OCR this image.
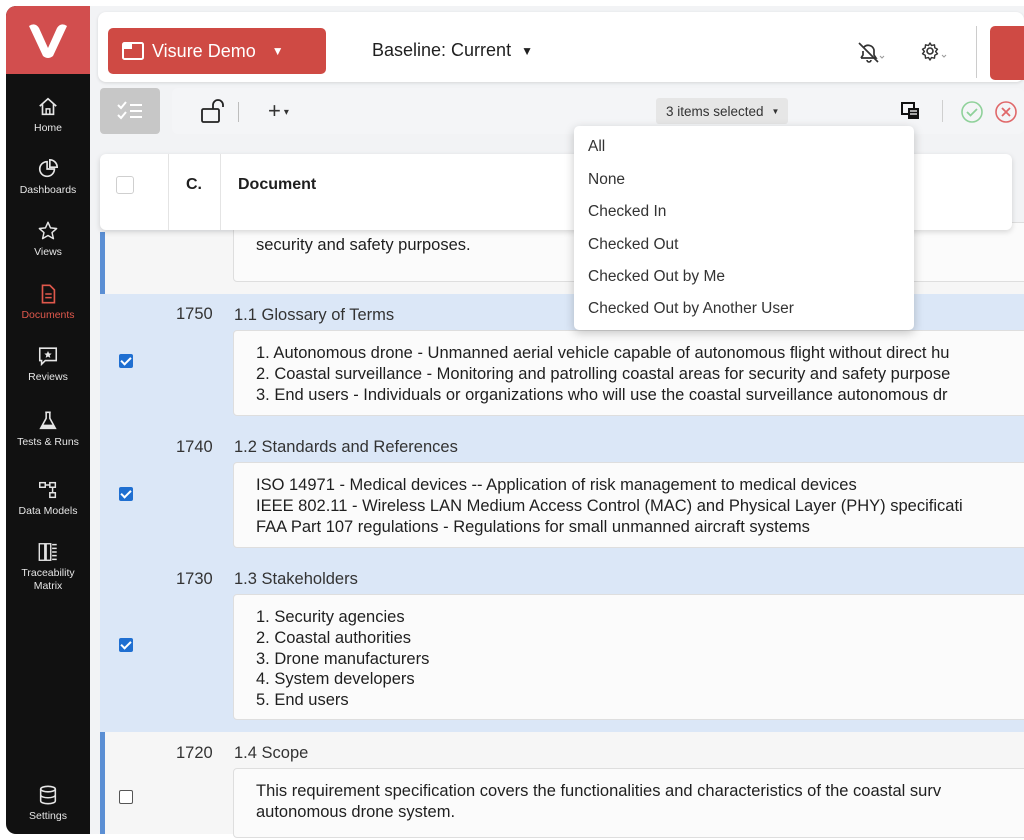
Home
Dashboards
Views
Documents
Reviews
Tests & Runs
Data Models
Traceability
Matrix
Settings
Visure Demo ▼	Baseline: Current ▼
+ ▾	3 items selected ▼
security and safety purposes.
1750 1.1 Glossary of Terms
1. Autonomous drone - Unmanned aerial vehicle capable of autonomous flight without direct hu
2. Coastal surveillance - Monitoring and patrolling coastal areas for security and safety purpose
3. End users - Individuals or organizations who will use the coastal surveillance autonomous dr
1740 1.2 Standards and References
ISO 14971 - Medical devices -- Application of risk management to medical devices
IEEE 802.11 - Wireless LAN Medium Access Control (MAC) and Physical Layer (PHY) specificati
FAA Part 107 regulations - Regulations for small unmanned aircraft systems
1730 1.3 Stakeholders
1. Security agencies
2. Coastal authorities
3. Drone manufacturers
4. System developers
5. End users
1720 1.4 Scope
This requirement specification covers the functionalities and characteristics of the coastal surv
autonomous drone system.
C. Document
All
None
Checked In
Checked Out
Checked Out by Me
Checked Out by Another User
